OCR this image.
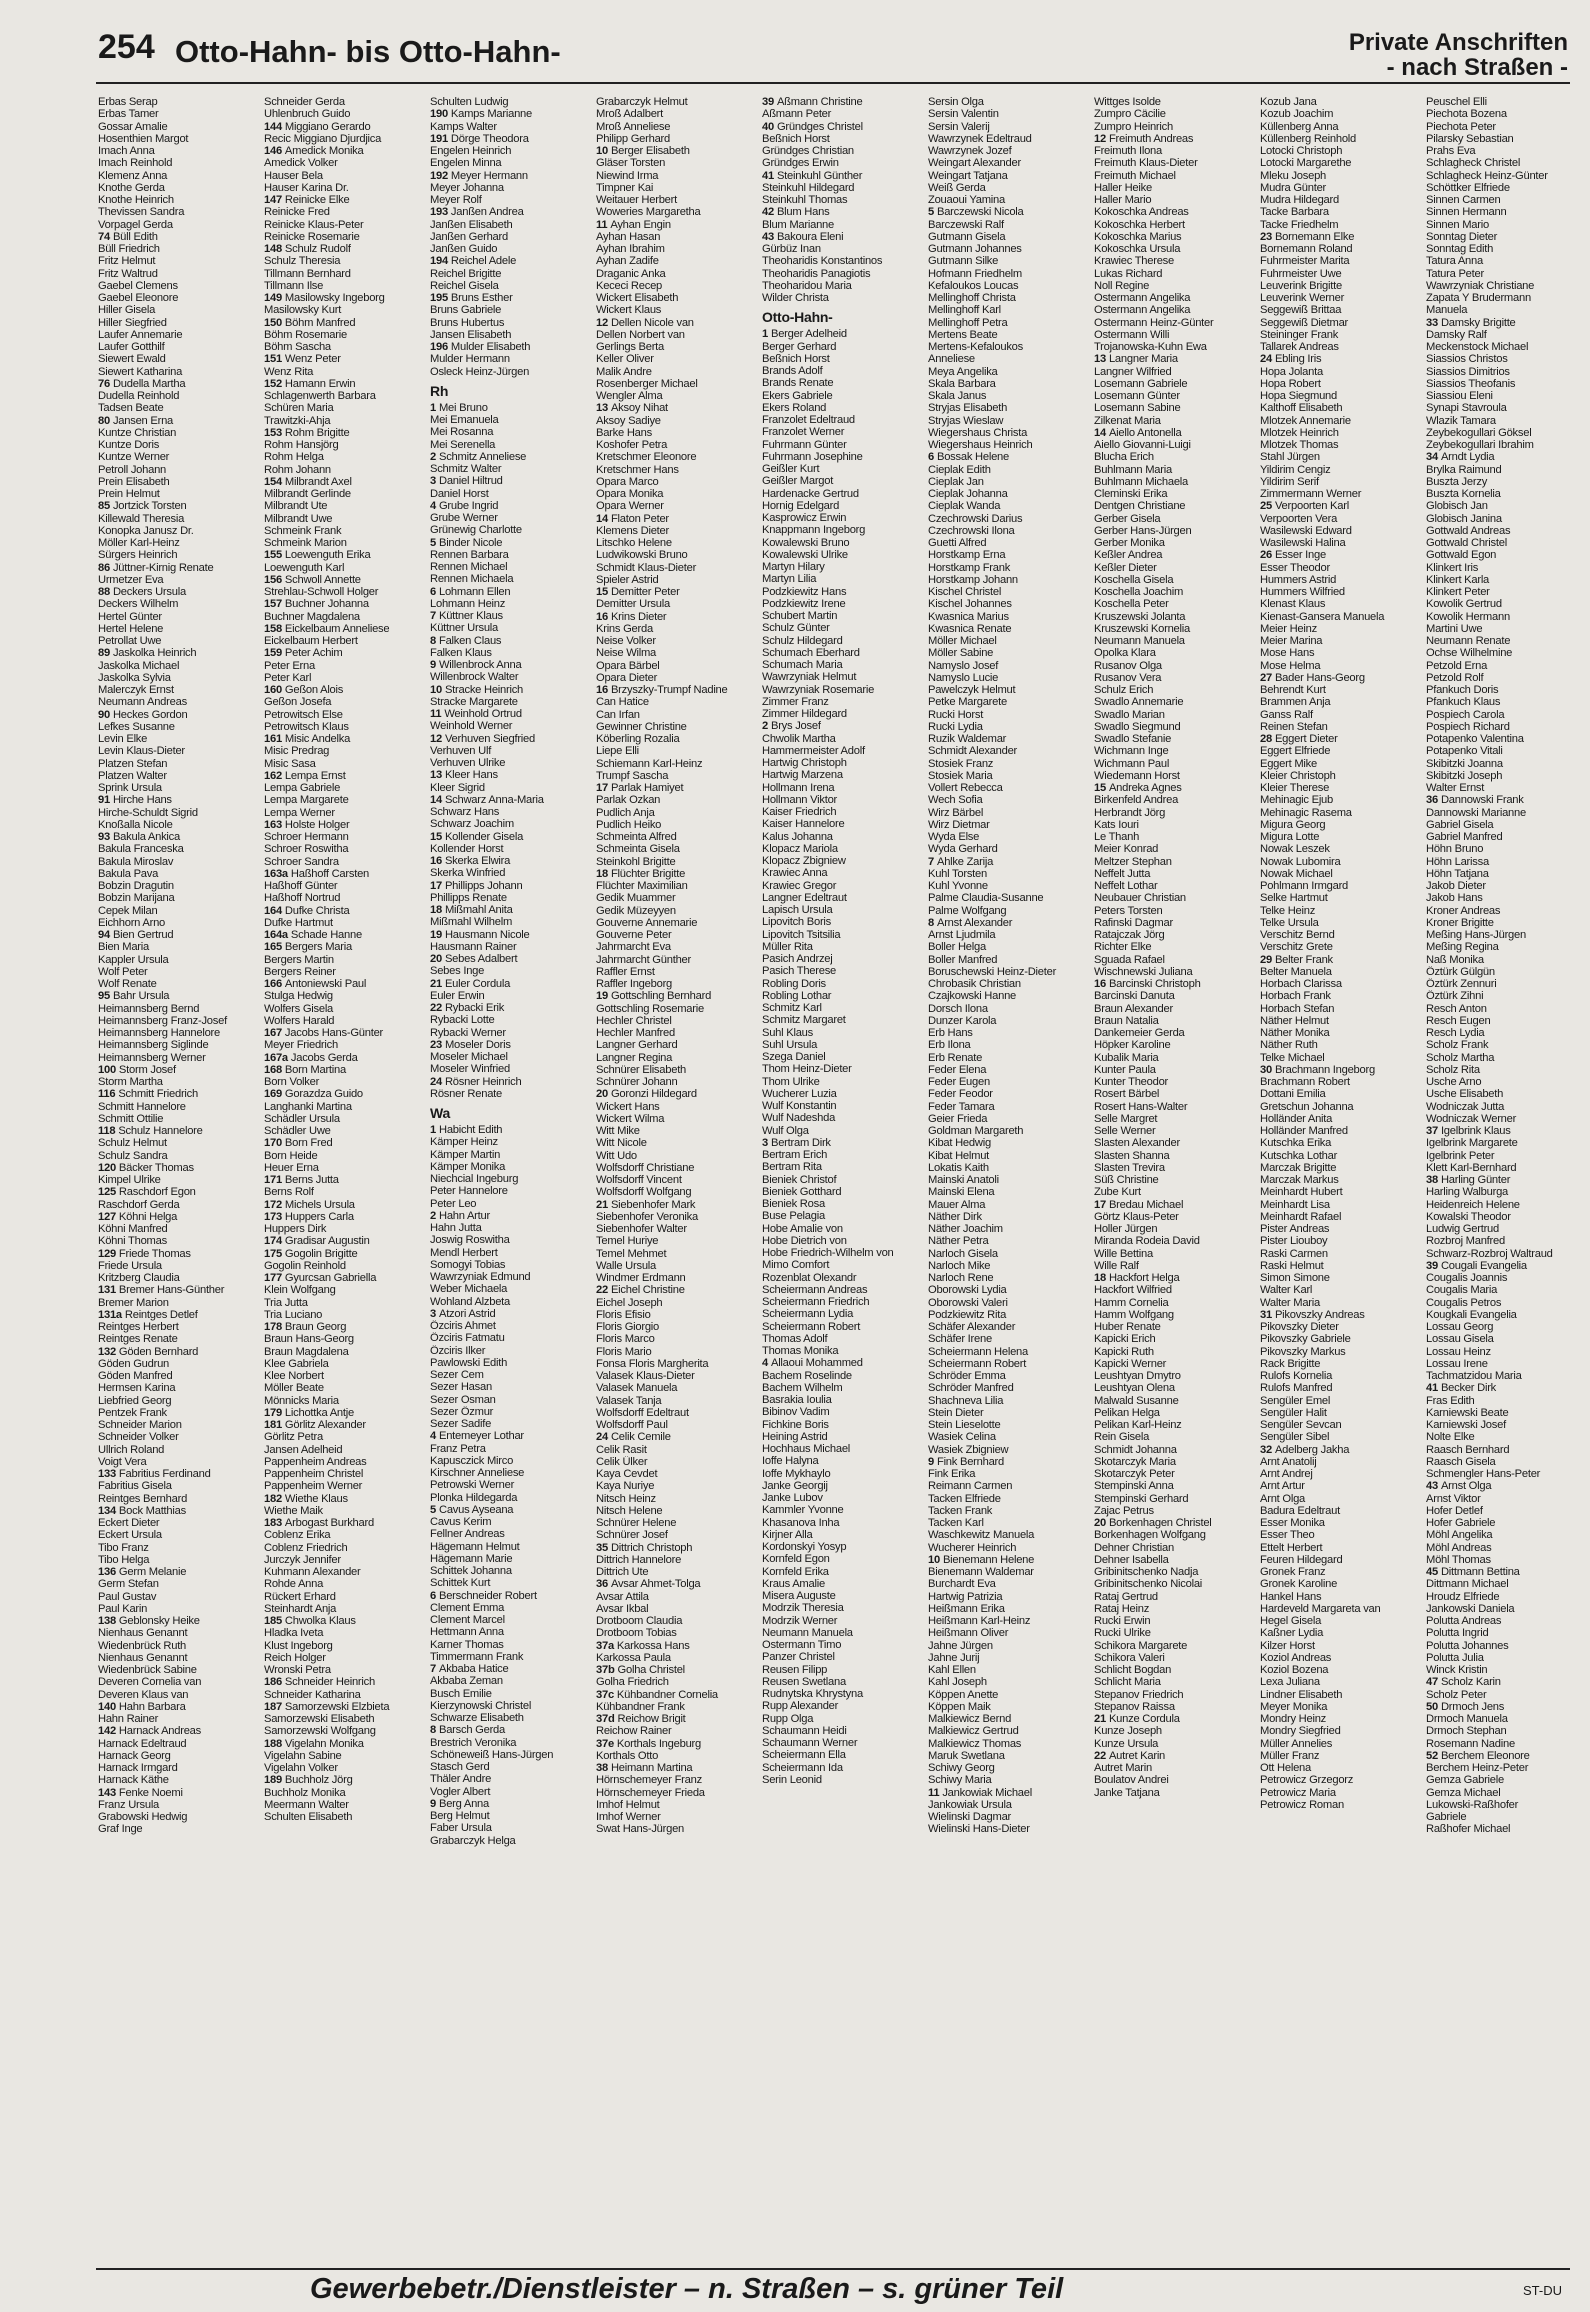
254 Otto-Hahn- bis Otto-Hahn-	Private Anschriften
- nach Straßen -
Erbas Serap
Erbas Tamer
Gossar Amalie
Hosenthien Margot
Imach Anna
Imach Reinhold
Klemenz Anna
Knothe Gerda
Knothe Heinrich
Thevissen Sandra
Vorpagel Gerda
74 Büll Edith
Büll Friedrich
Fritz Helmut
Fritz Waltrud
Gaebel Clemens
Gaebel Eleonore
Hiller Gisela
Hiller Siegfried
Laufer Annemarie
Laufer Gotthilf
Siewert Ewald
Siewert Katharina
76 Dudella Martha
Dudella Reinhold
Tadsen Beate
80 Jansen Erna
Kuntze Christian
Kuntze Doris
Kuntze Werner
Petroll Johann
Prein Elisabeth
Prein Helmut
85 Jortzick Torsten
Killewald Theresia
Konopka Janusz Dr.
Möller Karl-Heinz
Sürgers Heinrich
86 Jüttner-Kirnig Renate
Urmetzer Eva
88 Deckers Ursula
Deckers Wilhelm
Hertel Günter
Hertel Helene
Petrollat Uwe
89 Jaskolka Heinrich
Jaskolka Michael
Jaskolka Sylvia
Malerczyk Ernst
Neumann Andreas
90 Heckes Gordon
Lefkes Susanne
Levin Elke
Levin Klaus-Dieter
Platzen Stefan
Platzen Walter
Sprink Ursula
91 Hirche Hans
Hirche-Schuldt Sigrid
Knoßalla Nicole
93 Bakula Ankica
Bakula Franceska
Bakula Miroslav
Bakula Pava
Bobzin Dragutin
Bobzin Marijana
Cepek Milan
Eichhorn Arno
94 Bien Gertrud
Bien Maria
Kappler Ursula
Wolf Peter
Wolf Renate
95 Bahr Ursula
Heimannsberg Bernd
Heimannsberg Franz-Josef
Heimannsberg Hannelore
Heimannsberg Siglinde
Heimannsberg Werner
100 Storm Josef
Storm Martha
116 Schmitt Friedrich
Schmitt Hannelore
Schmitt Ottilie
118 Schulz Hannelore
Schulz Helmut
Schulz Sandra
120 Bäcker Thomas
Kimpel Ulrike
125 Raschdorf Egon
Raschdorf Gerda
127 Köhni Helga
Köhni Manfred
Köhni Thomas
129 Friede Thomas
Friede Ursula
Kritzberg Claudia
131 Bremer Hans-Günther
Bremer Marion
131a Reintges Detlef
Reintges Herbert
Reintges Renate
132 Göden Bernhard
Göden Gudrun
Göden Manfred
Hermsen Karina
Liebfried Georg
Pentzek Frank
Schneider Marion
Schneider Volker
Ullrich Roland
Voigt Vera
133 Fabritius Ferdinand
Fabritius Gisela
Reintges Bernhard
134 Bock Matthias
Eckert Dieter
Eckert Ursula
Tibo Franz
Tibo Helga
136 Germ Melanie
Germ Stefan
Paul Gustav
Paul Karin
138 Geblonsky Heike
Nienhaus Genannt
Wiedenbrück Ruth
Nienhaus Genannt
Wiedenbrück Sabine
Deveren Cornelia van
Deveren Klaus van
140 Hahn Barbara
Hahn Rainer
142 Harnack Andreas
Harnack Edeltraud
Harnack Georg
Harnack Irmgard
Harnack Käthe
143 Fenke Noemi
Franz Ursula
Grabowski Hedwig
Graf Inge
Schneider Gerda
Uhlenbruch Guido
144 Miggiano Gerardo
Recic Miggiano Djurdjica
146 Amedick Monika
Amedick Volker
Hauser Bela
Hauser Karina Dr.
147 Reinicke Elke
Reinicke Fred
Reinicke Klaus-Peter
Reinicke Rosemarie
148 Schulz Rudolf
Schulz Theresia
Tillmann Bernhard
Tillmann Ilse
149 Masilowsky Ingeborg
Masilowsky Kurt
150 Böhm Manfred
Böhm Rosemarie
Böhm Sascha
151 Wenz Peter
Wenz Rita
152 Hamann Erwin
Schlagenwerth Barbara
Schüren Maria
Trawitzki-Ahja
153 Rohm Brigitte
Rohm Hansjörg
Rohm Helga
Rohm Johann
154 Milbrandt Axel
Milbrandt Gerlinde
Milbrandt Ute
Milbrandt Uwe
Schmeink Frank
Schmeink Marion
155 Loewenguth Erika
Loewenguth Karl
156 Schwoll Annette
Strehlau-Schwoll Holger
157 Buchner Johanna
Buchner Magdalena
158 Eickelbaum Anneliese
Eickelbaum Herbert
159 Peter Achim
Peter Erna
Peter Karl
160 Geßon Alois
Geßon Josefa
Petrowitsch Else
Petrowitsch Klaus
161 Misic Andelka
Misic Predrag
Misic Sasa
162 Lempa Ernst
Lempa Gabriele
Lempa Margarete
Lempa Werner
163 Holste Holger
Schroer Hermann
Schroer Roswitha
Schroer Sandra
163a Haßhoff Carsten
Haßhoff Günter
Haßhoff Nortrud
164 Dufke Christa
Dufke Hartmut
164a Schade Hanne
165 Bergers Maria
Bergers Martin
Bergers Reiner
166 Antoniewski Paul
Stulga Hedwig
Wolfers Gisela
Wolfers Harald
167 Jacobs Hans-Günter
Meyer Friedrich
167a Jacobs Gerda
168 Born Martina
Born Volker
169 Gorazdza Guido
Langhanki Martina
Schädler Ursula
Schädler Uwe
170 Born Fred
Born Heide
Heuer Erna
171 Berns Jutta
Berns Rolf
172 Michels Ursula
173 Huppers Carla
Huppers Dirk
174 Gradisar Augustin
175 Gogolin Brigitte
Gogolin Reinhold
177 Gyurcsan Gabriella
Klein Wolfgang
Tria Jutta
Tria Luciano
178 Braun Georg
Braun Hans-Georg
Braun Magdalena
Klee Gabriela
Klee Norbert
Möller Beate
Mönnicks Maria
179 Lichottka Antje
181 Görlitz Alexander
Görlitz Petra
Jansen Adelheid
Pappenheim Andreas
Pappenheim Christel
Pappenheim Werner
182 Wiethe Klaus
Wiethe Maik
183 Arbogast Burkhard
Coblenz Erika
Coblenz Friedrich
Jurczyk Jennifer
Kuhmann Alexander
Rohde Anna
Rückert Erhard
Steinhardt Anja
185 Chwolka Klaus
Hladka Iveta
Klust Ingeborg
Reich Holger
Wronski Petra
186 Schneider Heinrich
Schneider Katharina
187 Samorzewski Elzbieta
Samorzewski Elisabeth
Samorzewski Wolfgang
188 Vigelahn Monika
Vigelahn Sabine
Vigelahn Volker
189 Buchholz Jörg
Buchholz Monika
Meermann Walter
Schulten Elisabeth
Schulten Ludwig
190 Kamps Marianne
Kamps Walter
191 Dörge Theodora
Engelen Heinrich
Engelen Minna
192 Meyer Hermann
Meyer Johanna
Meyer Rolf
193 Janßen Andrea
Janßen Elisabeth
Janßen Gerhard
Janßen Guido
194 Reichel Adele
Reichel Brigitte
Reichel Gisela
195 Bruns Esther
Bruns Gabriele
Bruns Hubertus
Jansen Elisabeth
196 Mulder Elisabeth
Mulder Hermann
Osleck Heinz-Jürgen
Rh
1 Mei Bruno
Mei Emanuela
Mei Rosanna
Mei Serenella
2 Schmitz Anneliese
Schmitz Walter
3 Daniel Hiltrud
Daniel Horst
4 Grube Ingrid
Grube Werner
Grünewig Charlotte
5 Binder Nicole
Rennen Barbara
Rennen Michael
Rennen Michaela
6 Lohmann Ellen
Lohmann Heinz
7 Küttner Klaus
Küttner Ursula
8 Falken Claus
Falken Klaus
9 Willenbrock Anna
Willenbrock Walter
10 Stracke Heinrich
Stracke Margarete
11 Weinhold Ortrud
Weinhold Werner
12 Verhuven Siegfried
Verhuven Ulf
Verhuven Ulrike
13 Kleer Hans
Kleer Sigrid
14 Schwarz Anna-Maria
Schwarz Hans
Schwarz Joachim
15 Kollender Gisela
Kollender Horst
16 Skerka Elwira
Skerka Winfried
17 Phillipps Johann
Phillipps Renate
18 Mißmahl Anita
Mißmahl Wilhelm
19 Hausmann Nicole
Hausmann Rainer
20 Sebes Adalbert
Sebes Inge
21 Euler Cordula
Euler Erwin
22 Rybacki Erik
Rybacki Lotte
Rybacki Werner
23 Moseler Doris
Moseler Michael
Moseler Winfried
24 Rösner Heinrich
Rösner Renate
Wa
1 Habicht Edith
Kämper Heinz
Kämper Martin
Kämper Monika
Niechcial Ingeburg
Peter Hannelore
Peter Leo
2 Hahn Artur
Hahn Jutta
Joswig Roswitha
Mendl Herbert
Somogyi Tobias
Wawrzyniak Edmund
Weber Michaela
Wohland Alzbeta
3 Atzori Astrid
Özciris Ahmet
Özciris Fatmatu
Özciris Ilker
Pawlowski Edith
Sezer Cem
Sezer Hasan
Sezer Osman
Sezer Özmur
Sezer Sadife
4 Entemeyer Lothar
Franz Petra
Kapusczick Mirco
Kirschner Anneliese
Petrowski Werner
Plonka Hildegarda
5 Cavus Ayseana
Cavus Kerim
Fellner Andreas
Hägemann Helmut
Hägemann Marie
Schittek Johanna
Schittek Kurt
6 Berschneider Robert
Clement Emma
Clement Marcel
Hettmann Anna
Karner Thomas
Timmermann Frank
7 Akbaba Hatice
Akbaba Zeman
Busch Emilie
Kierzynowski Christel
Schwarze Elisabeth
8 Barsch Gerda
Brestrich Veronika
Schöneweiß Hans-Jürgen
Stasch Gerd
Thäler Andre
Vogler Albert
9 Berg Anna
Berg Helmut
Faber Ursula
Grabarczyk Helga
Grabarczyk Helmut
Mroß Adalbert
Mroß Anneliese
Philipp Gerhard
10 Berger Elisabeth
Gläser Torsten
Niewind Irma
Timpner Kai
Weitauer Herbert
Woweries Margaretha
11 Ayhan Engin
Ayhan Hasan
Ayhan Ibrahim
Ayhan Zadife
Draganic Anka
Kececi Recep
Wickert Elisabeth
Wickert Klaus
12 Dellen Nicole van
Dellen Norbert van
Gerlings Berta
Keller Oliver
Malik Andre
Rosenberger Michael
Wengler Alma
13 Aksoy Nihat
Aksoy Sadiye
Barke Hans
Koshofer Petra
Kretschmer Eleonore
Kretschmer Hans
Opara Marco
Opara Monika
Opara Werner
14 Flaton Peter
Klemens Dieter
Litschko Helene
Ludwikowski Bruno
Schmidt Klaus-Dieter
Spieler Astrid
15 Demitter Peter
Demitter Ursula
16 Krins Dieter
Krins Gerda
Neise Volker
Neise Wilma
Opara Bärbel
Opara Dieter
16 Brzyszky-Trumpf Nadine
Can Hatice
Can Irfan
Gewinner Christine
Köberling Rozalia
Liepe Elli
Schiemann Karl-Heinz
Trumpf Sascha
17 Parlak Hamiyet
Parlak Ozkan
Pudlich Anja
Pudlich Heiko
Schmeinta Alfred
Schmeinta Gisela
Steinkohl Brigitte
18 Flüchter Brigitte
Flüchter Maximilian
Gedik Muammer
Gedik Müzeyyen
Gouverne Annemarie
Gouverne Peter
Jahrmarcht Eva
Jahrmarcht Günther
Raffler Ernst
Raffler Ingeborg
19 Gottschling Bernhard
Gottschling Rosemarie
Hechler Christel
Hechler Manfred
Langner Gerhard
Langner Regina
Schnürer Elisabeth
Schnürer Johann
20 Goronzi Hildegard
Wickert Hans
Wickert Wilma
Witt Mike
Witt Nicole
Witt Udo
Wolfsdorff Christiane
Wolfsdorff Vincent
Wolfsdorff Wolfgang
21 Siebenhofer Mark
Siebenhofer Veronika
Siebenhofer Walter
Temel Huriye
Temel Mehmet
Walle Ursula
Windmer Erdmann
22 Eichel Christine
Eichel Joseph
Floris Efisio
Floris Giorgio
Floris Marco
Floris Mario
Fonsa Floris Margherita
Valasek Klaus-Dieter
Valasek Manuela
Valasek Tanja
Wolfsdorff Edeltraut
Wolfsdorff Paul
24 Celik Cemile
Celik Rasit
Celik Ülker
Kaya Cevdet
Kaya Nuriye
Nitsch Heinz
Nitsch Helene
Schnürer Helene
Schnürer Josef
35 Dittrich Christoph
Dittrich Hannelore
Dittrich Ute
36 Avsar Ahmet-Tolga
Avsar Attila
Avsar Ikbal
Drotboom Claudia
Drotboom Tobias
37a Karkossa Hans
Karkossa Paula
37b Golha Christel
Golha Friedrich
37c Kühbandner Cornelia
Kühbandner Frank
37d Reichow Brigit
Reichow Rainer
37e Korthals Ingeburg
Korthals Otto
38 Heimann Martina
Hörnschemeyer Franz
Hörnschemeyer Frieda
Imhof Helmut
Imhof Werner
Swat Hans-Jürgen
39 Aßmann Christine
Aßmann Peter
40 Gründges Christel
Beßnich Horst
Gründges Christian
Gründges Erwin
41 Steinkuhl Günther
Steinkuhl Hildegard
Steinkuhl Thomas
42 Blum Hans
Blum Marianne
43 Bakoura Eleni
Gürbüz Inan
Theoharidis Konstantinos
Theoharidis Panagiotis
Theoharidou Maria
Wilder Christa
Otto-Hahn-
1 Berger Adelheid
Berger Gerhard
Beßnich Horst
Brands Adolf
Brands Renate
Ekers Gabriele
Ekers Roland
Franzolet Edeltraud
Franzolet Werner
Fuhrmann Günter
Fuhrmann Josephine
Geißler Kurt
Geißler Margot
Hardenacke Gertrud
Hornig Edelgard
Kasprowicz Erwin
Knappmann Ingeborg
Kowalewski Bruno
Kowalewski Ulrike
Martyn Hilary
Martyn Lilia
Podzkiewitz Hans
Podzkiewitz Irene
Schubert Martin
Schulz Günter
Schulz Hildegard
Schumach Eberhard
Schumach Maria
Wawrzyniak Helmut
Wawrzyniak Rosemarie
Zimmer Franz
Zimmer Hildegard
2 Brys Josef
Chwolik Martha
Hammermeister Adolf
Hartwig Christoph
Hartwig Marzena
Hollmann Irena
Hollmann Viktor
Kaiser Friedrich
Kaiser Hannelore
Kalus Johanna
Klopacz Mariola
Klopacz Zbigniew
Krawiec Anna
Krawiec Gregor
Langner Edeltraut
Lapisch Ursula
Lipovitch Boris
Lipovitch Tsitsilia
Müller Rita
Pasich Andrzej
Pasich Therese
Robling Doris
Robling Lothar
Schmitz Karl
Schmitz Margaret
Suhl Klaus
Suhl Ursula
Szega Daniel
Thom Heinz-Dieter
Thom Ulrike
Wucherer Luzia
Wulf Konstantin
Wulf Nadeshda
Wulf Olga
3 Bertram Dirk
Bertram Erich
Bertram Rita
Bieniek Christof
Bieniek Gotthard
Bieniek Rosa
Buse Pelagia
Hobe Amalie von
Hobe Dietrich von
Hobe Friedrich-Wilhelm von
Mimo Comfort
Rozenblat Olexandr
Scheiermann Andreas
Scheiermann Friedrich
Scheiermann Lydia
Scheiermann Robert
Thomas Adolf
Thomas Monika
4 Allaoui Mohammed
Bachem Roselinde
Bachem Wilhelm
Basrakia Ioulia
Bibinov Vadim
Fichkine Boris
Heining Astrid
Hochhaus Michael
Ioffe Halyna
Ioffe Mykhaylo
Janke Georgij
Janke Lubov
Kammler Yvonne
Khasanova Inha
Kirjner Alla
Kordonskyi Yosyp
Kornfeld Egon
Kornfeld Erika
Kraus Amalie
Misera Auguste
Modrzik Theresia
Modrzik Werner
Neumann Manuela
Ostermann Timo
Panzer Christel
Reusen Filipp
Reusen Swetlana
Rudnytska Khrystyna
Rupp Alexander
Rupp Olga
Schaumann Heidi
Schaumann Werner
Scheiermann Ella
Scheiermann Ida
Serin Leonid
Sersin Olga
Sersin Valentin
Sersin Valerij
Wawrzynek Edeltraud
Wawrzynek Jozef
Weingart Alexander
Weingart Tatjana
Weiß Gerda
Zouaoui Yamina
5 Barczewski Nicola
Barczewski Ralf
Gutmann Gisela
Gutmann Johannes
Gutmann Silke
Hofmann Friedhelm
Kefaloukos Loucas
Mellinghoff Christa
Mellinghoff Karl
Mellinghoff Petra
Mertens Beate
Mertens-Kefaloukos
Anneliese
Meya Angelika
Skala Barbara
Skala Janus
Stryjas Elisabeth
Stryjas Wieslaw
Wiegershaus Christa
Wiegershaus Heinrich
6 Bossak Helene
Cieplak Edith
Cieplak Jan
Cieplak Johanna
Cieplak Wanda
Czechrowski Darius
Czechrowski Ilona
Guetti Alfred
Horstkamp Erna
Horstkamp Frank
Horstkamp Johann
Kischel Christel
Kischel Johannes
Kwasnica Marius
Kwasnica Renate
Möller Michael
Möller Sabine
Namyslo Josef
Namyslo Lucie
Pawelczyk Helmut
Petke Margarete
Rucki Horst
Rucki Lydia
Ruzik Waldemar
Schmidt Alexander
Stosiek Franz
Stosiek Maria
Vollert Rebecca
Wech Sofia
Wirz Bärbel
Wirz Dietmar
Wyda Else
Wyda Gerhard
7 Ahlke Zarija
Kuhl Torsten
Kuhl Yvonne
Palme Claudia-Susanne
Palme Wolfgang
8 Arnst Alexander
Arnst Ljudmila
Boller Helga
Boller Manfred
Boruschewski Heinz-Dieter
Chrobasik Christian
Czajkowski Hanne
Dorsch Ilona
Dunzer Karola
Erb Hans
Erb Ilona
Erb Renate
Feder Elena
Feder Eugen
Feder Feodor
Feder Tamara
Geier Frieda
Goldman Margareth
Kibat Hedwig
Kibat Helmut
Lokatis Kaith
Mainski Anatoli
Mainski Elena
Mauer Alma
Näther Dirk
Näther Joachim
Näther Petra
Narloch Gisela
Narloch Mike
Narloch Rene
Oborowski Lydia
Oborowski Valeri
Podzkiewitz Rita
Schäfer Alexander
Schäfer Irene
Scheiermann Helena
Scheiermann Robert
Schröder Emma
Schröder Manfred
Shachneva Lilia
Stein Dieter
Stein Lieselotte
Wasiek Celina
Wasiek Zbigniew
9 Fink Bernhard
Fink Erika
Reimann Carmen
Tacken Elfriede
Tacken Frank
Tacken Karl
Waschkewitz Manuela
Wucherer Heinrich
10 Bienemann Helene
Bienemann Waldemar
Burchardt Eva
Hartwig Patrizia
Heißmann Erika
Heißmann Karl-Heinz
Heißmann Oliver
Jahne Jürgen
Jahne Jurij
Kahl Ellen
Kahl Joseph
Köppen Anette
Köppen Maik
Malkiewicz Bernd
Malkiewicz Gertrud
Malkiewicz Thomas
Maruk Swetlana
Schiwy Georg
Schiwy Maria
11 Jankowiak Michael
Jankowiak Ursula
Wielinski Dagmar
Wielinski Hans-Dieter
Wittges Isolde
Zumpro Cäcilie
Zumpro Heinrich
12 Freimuth Andreas
Freimuth Ilona
Freimuth Klaus-Dieter
Freimuth Michael
Haller Heike
Haller Mario
Kokoschka Andreas
Kokoschka Herbert
Kokoschka Marius
Kokoschka Ursula
Krawiec Therese
Lukas Richard
Noll Regine
Ostermann Angelika
Ostermann Angelika
Ostermann Heinz-Günter
Ostermann Willi
Trojanowska-Kuhn Ewa
13 Langner Maria
Langner Wilfried
Losemann Gabriele
Losemann Günter
Losemann Sabine
Zilkenat Maria
14 Aiello Antonella
Aiello Giovanni-Luigi
Blucha Erich
Buhlmann Maria
Buhlmann Michaela
Cleminski Erika
Dentgen Christiane
Gerber Gisela
Gerber Hans-Jürgen
Gerber Monika
Keßler Andrea
Keßler Dieter
Koschella Gisela
Koschella Joachim
Koschella Peter
Kruszewski Jolanta
Kruszewski Kornelia
Neumann Manuela
Opolka Klara
Rusanov Olga
Rusanov Vera
Schulz Erich
Swadlo Annemarie
Swadlo Marian
Swadlo Siegmund
Swadlo Stefanie
Wichmann Inge
Wichmann Paul
Wiedemann Horst
15 Andreka Agnes
Birkenfeld Andrea
Herbrandt Jörg
Kats Iouri
Le Thanh
Meier Konrad
Meltzer Stephan
Neffelt Jutta
Neffelt Lothar
Neubauer Christian
Peters Torsten
Rafinski Dagmar
Ratajczak Jörg
Richter Elke
Sguada Rafael
Wischnewski Juliana
16 Barcinski Christoph
Barcinski Danuta
Braun Alexander
Braun Natalia
Dankemeier Gerda
Höpker Karoline
Kubalik Maria
Kunter Paula
Kunter Theodor
Rosert Bärbel
Rosert Hans-Walter
Selle Margret
Selle Werner
Slasten Alexander
Slasten Shanna
Slasten Trevira
Süß Christine
Zube Kurt
17 Bredau Michael
Görtz Klaus-Peter
Holler Jürgen
Miranda Rodeia David
Wille Bettina
Wille Ralf
18 Hackfort Helga
Hackfort Wilfried
Hamm Cornelia
Hamm Wolfgang
Huber Renate
Kapicki Erich
Kapicki Ruth
Kapicki Werner
Leushtyan Dmytro
Leushtyan Olena
Malwald Susanne
Pelikan Helga
Pelikan Karl-Heinz
Rein Gisela
Schmidt Johanna
Skotarczyk Maria
Skotarczyk Peter
Stempinski Anna
Stempinski Gerhard
Zajac Petrus
20 Borkenhagen Christel
Borkenhagen Wolfgang
Dehner Christian
Dehner Isabella
Gribinitschenko Nadja
Gribinitschenko Nicolai
Rataj Gertrud
Rataj Heinz
Rucki Erwin
Rucki Ulrike
Schikora Margarete
Schikora Valeri
Schlicht Bogdan
Schlicht Maria
Stepanov Friedrich
Stepanov Raissa
21 Kunze Cordula
Kunze Joseph
Kunze Ursula
22 Autret Karin
Autret Marin
Boulatov Andrei
Janke Tatjana
Kozub Jana
Kozub Joachim
Küllenberg Anna
Küllenberg Reinhold
Lotocki Christoph
Lotocki Margarethe
Mleku Joseph
Mudra Günter
Mudra Hildegard
Tacke Barbara
Tacke Friedhelm
23 Bornemann Elke
Bornemann Roland
Fuhrmeister Marita
Fuhrmeister Uwe
Leuverink Brigitte
Leuverink Werner
Seggewiß Brittaa
Seggewiß Dietmar
Steininger Frank
Tallarek Andreas
24 Ebling Iris
Hopa Jolanta
Hopa Robert
Hopa Siegmund
Kalthoff Elisabeth
Mlotzek Annemarie
Mlotzek Heinrich
Mlotzek Thomas
Stahl Jürgen
Yildirim Cengiz
Yildirim Serif
Zimmermann Werner
25 Verpoorten Karl
Verpoorten Vera
Wasilewski Edward
Wasilewski Halina
26 Esser Inge
Esser Theodor
Hummers Astrid
Hummers Wilfried
Klenast Klaus
Kienast-Gansera Manuela
Meier Heinz
Meier Marina
Mose Hans
Mose Helma
27 Bader Hans-Georg
Behrendt Kurt
Brammen Anja
Ganss Ralf
Reinen Stefan
28 Eggert Dieter
Eggert Elfriede
Eggert Mike
Kleier Christoph
Kleier Therese
Mehinagic Ejub
Mehinagic Rasema
Migura Georg
Migura Lotte
Nowak Leszek
Nowak Lubomira
Nowak Michael
Pohlmann Irmgard
Selke Hartmut
Telke Heinz
Telke Ursula
Verschitz Bernd
Verschitz Grete
29 Belter Frank
Belter Manuela
Horbach Clarissa
Horbach Frank
Horbach Stefan
Näther Helmut
Näther Monika
Näther Ruth
Telke Michael
30 Brachmann Ingeborg
Brachmann Robert
Dottani Emilia
Gretschun Johanna
Holländer Anita
Holländer Manfred
Kutschka Erika
Kutschka Lothar
Marczak Brigitte
Marczak Markus
Meinhardt Hubert
Meinhardt Lisa
Meinhardt Rafael
Pister Andreas
Pister Liouboy
Raski Carmen
Raski Helmut
Simon Simone
Walter Karl
Walter Maria
31 Pikovszky Andreas
Pikovszky Dieter
Pikovszky Gabriele
Pikovszky Markus
Rack Brigitte
Rulofs Kornelia
Rulofs Manfred
Sengüler Emel
Sengüler Halit
Sengüler Sevcan
Sengüler Sibel
32 Adelberg Jakha
Arnt Anatolij
Arnt Andrej
Arnt Artur
Arnt Olga
Badura Edeltraut
Esser Monika
Esser Theo
Ettelt Herbert
Feuren Hildegard
Gronek Franz
Gronek Karoline
Hankel Hans
Hardeveld Margareta van
Hegel Gisela
Kaßner Lydia
Kilzer Horst
Koziol Andreas
Koziol Bozena
Lexa Juliana
Lindner Elisabeth
Meyer Monika
Mondry Heinz
Mondry Siegfried
Müller Annelies
Müller Franz
Ott Helena
Petrowicz Grzegorz
Petrowicz Maria
Petrowicz Roman
Peuschel Elli
Piechota Bozena
Piechota Peter
Pilarsky Sebastian
Prahs Eva
Schlagheck Christel
Schlagheck Heinz-Günter
Schöttker Elfriede
Sinnen Carmen
Sinnen Hermann
Sinnen Mario
Sonntag Dieter
Sonntag Edith
Tatura Anna
Tatura Peter
Wawrzyniak Christiane
Zapata Y Brudermann
Manuela
33 Damsky Brigitte
Damsky Ralf
Meckenstock Michael
Siassios Christos
Siassios Dimitrios
Siassios Theofanis
Siassiou Eleni
Synapi Stavroula
Wlazik Tamara
Zeybekogullari Göksel
Zeybekogullari Ibrahim
34 Arndt Lydia
Brylka Raimund
Buszta Jerzy
Buszta Kornelia
Globisch Jan
Globisch Janina
Gottwald Andreas
Gottwald Christel
Gottwald Egon
Klinkert Iris
Klinkert Karla
Klinkert Peter
Kowolik Gertrud
Kowolik Hermann
Martini Uwe
Neumann Renate
Ochse Wilhelmine
Petzold Erna
Petzold Rolf
Pfankuch Doris
Pfankuch Klaus
Pospiech Carola
Pospiech Richard
Potapenko Valentina
Potapenko Vitali
Skibitzki Joanna
Skibitzki Joseph
Walter Ernst
36 Dannowski Frank
Dannowski Marianne
Gabriel Gisela
Gabriel Manfred
Höhn Bruno
Höhn Larissa
Höhn Tatjana
Jakob Dieter
Jakob Hans
Kroner Andreas
Kroner Brigitte
Meßing Hans-Jürgen
Meßing Regina
Naß Monika
Öztürk Gülgün
Öztürk Zennuri
Öztürk Zihni
Resch Anton
Resch Eugen
Resch Lydia
Scholz Frank
Scholz Martha
Scholz Rita
Usche Arno
Usche Elisabeth
Wodniczak Jutta
Wodniczak Werner
37 Igelbrink Klaus
Igelbrink Margarete
Igelbrink Peter
Klett Karl-Bernhard
38 Harling Günter
Harling Walburga
Heidenreich Helene
Kowalski Theodor
Ludwig Gertrud
Rozbroj Manfred
Schwarz-Rozbroj Waltraud
39 Cougali Evangelia
Cougalis Joannis
Cougalis Maria
Cougalis Petros
Kougkali Evangelia
Lossau Georg
Lossau Gisela
Lossau Heinz
Lossau Irene
Tachmatzidou Maria
41 Becker Dirk
Fras Edith
Karniewski Beate
Karniewski Josef
Nolte Elke
Raasch Bernhard
Raasch Gisela
Schmengler Hans-Peter
43 Arnst Olga
Arnst Viktor
Hofer Detlef
Hofer Gabriele
Möhl Angelika
Möhl Andreas
Möhl Thomas
45 Dittmann Bettina
Dittmann Michael
Hroudz Elfriede
Jankowski Daniela
Polutta Andreas
Polutta Ingrid
Polutta Johannes
Polutta Julia
Winck Kristin
47 Scholz Karin
Scholz Peter
50 Drmoch Jens
Drmoch Manuela
Drmoch Stephan
Rosemann Nadine
52 Berchem Eleonore
Berchem Heinz-Peter
Gemza Gabriele
Gemza Michael
Lukowski-Raßhofer
Gabriele
Raßhofer Michael
Gewerbebetr./Dienstleister – n. Straßen – s. grüner Teil	ST-DU
